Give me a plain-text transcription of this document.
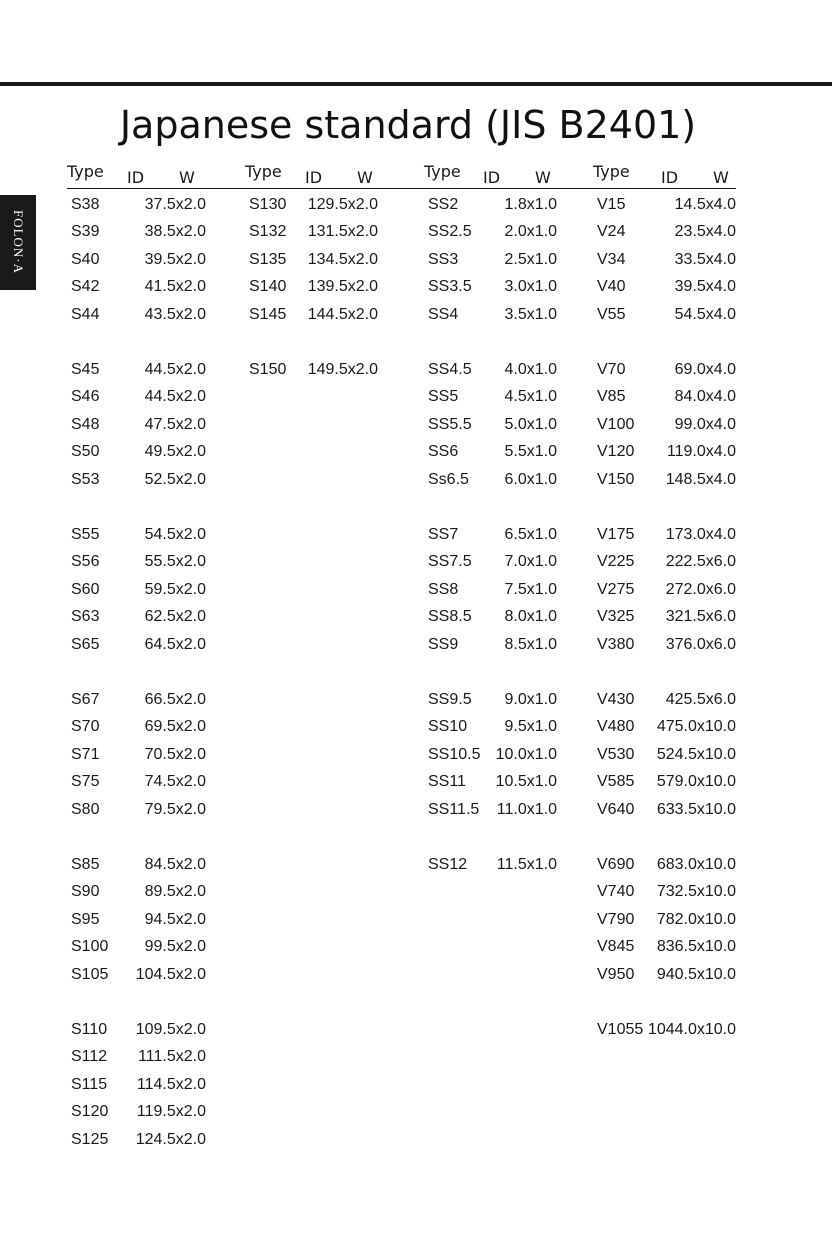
FOLON·A
Japanese standard (JIS B2401)
Type ID W
S38	37.5x2.0
S39	38.5x2.0
S40	39.5x2.0
S42	41.5x2.0
S44	43.5x2.0
S45	44.5x2.0
S46	44.5x2.0
S48	47.5x2.0
S50	49.5x2.0
S53	52.5x2.0
S55	54.5x2.0
S56	55.5x2.0
S60	59.5x2.0
S63	62.5x2.0
S65	64.5x2.0
S67	66.5x2.0
S70	69.5x2.0
S71	70.5x2.0
S75	74.5x2.0
S80	79.5x2.0
S85	84.5x2.0
S90	89.5x2.0
S95	94.5x2.0
S100 99.5x2.0
S105 104.5x2.0
S110 109.5x2.0
S112 111.5x2.0
S115 114.5x2.0
S120 119.5x2.0
S125 124.5x2.0
Type ID W
S130 129.5x2.0
S132 131.5x2.0
S135 134.5x2.0
S140 139.5x2.0
S145 144.5x2.0
S150 149.5x2.0
Type ID W
SS2	1.8x1.0
SS2.5 2.0x1.0
SS3	2.5x1.0
SS3.5 3.0x1.0
SS4	3.5x1.0
SS4.5 4.0x1.0
SS5	4.5x1.0
SS5.5 5.0x1.0
SS6	5.5x1.0
Ss6.5 6.0x1.0
SS7	6.5x1.0
SS7.5 7.0x1.0
SS8	7.5x1.0
SS8.5 8.0x1.0
SS9	8.5x1.0
SS9.5 9.0x1.0
SS10 9.5x1.0
SS10.5 10.0x1.0
SS11 10.5x1.0
SS11.5 11.0x1.0
SS12 11.5x1.0
Type ID W
V15	14.5x4.0
V24	23.5x4.0
V34	33.5x4.0
V40	39.5x4.0
V55	54.5x4.0
V70	69.0x4.0
V85	84.0x4.0
V100	99.0x4.0
V120 119.0x4.0
V150 148.5x4.0
V175 173.0x4.0
V225 222.5x6.0
V275 272.0x6.0
V325 321.5x6.0
V380 376.0x6.0
V430 425.5x6.0
V480 475.0x10.0
V530 524.5x10.0
V585 579.0x10.0
V640 633.5x10.0
V690 683.0x10.0
V740 732.5x10.0
V790 782.0x10.0
V845 836.5x10.0
V950 940.5x10.0
V1055 1044.0x10.0
